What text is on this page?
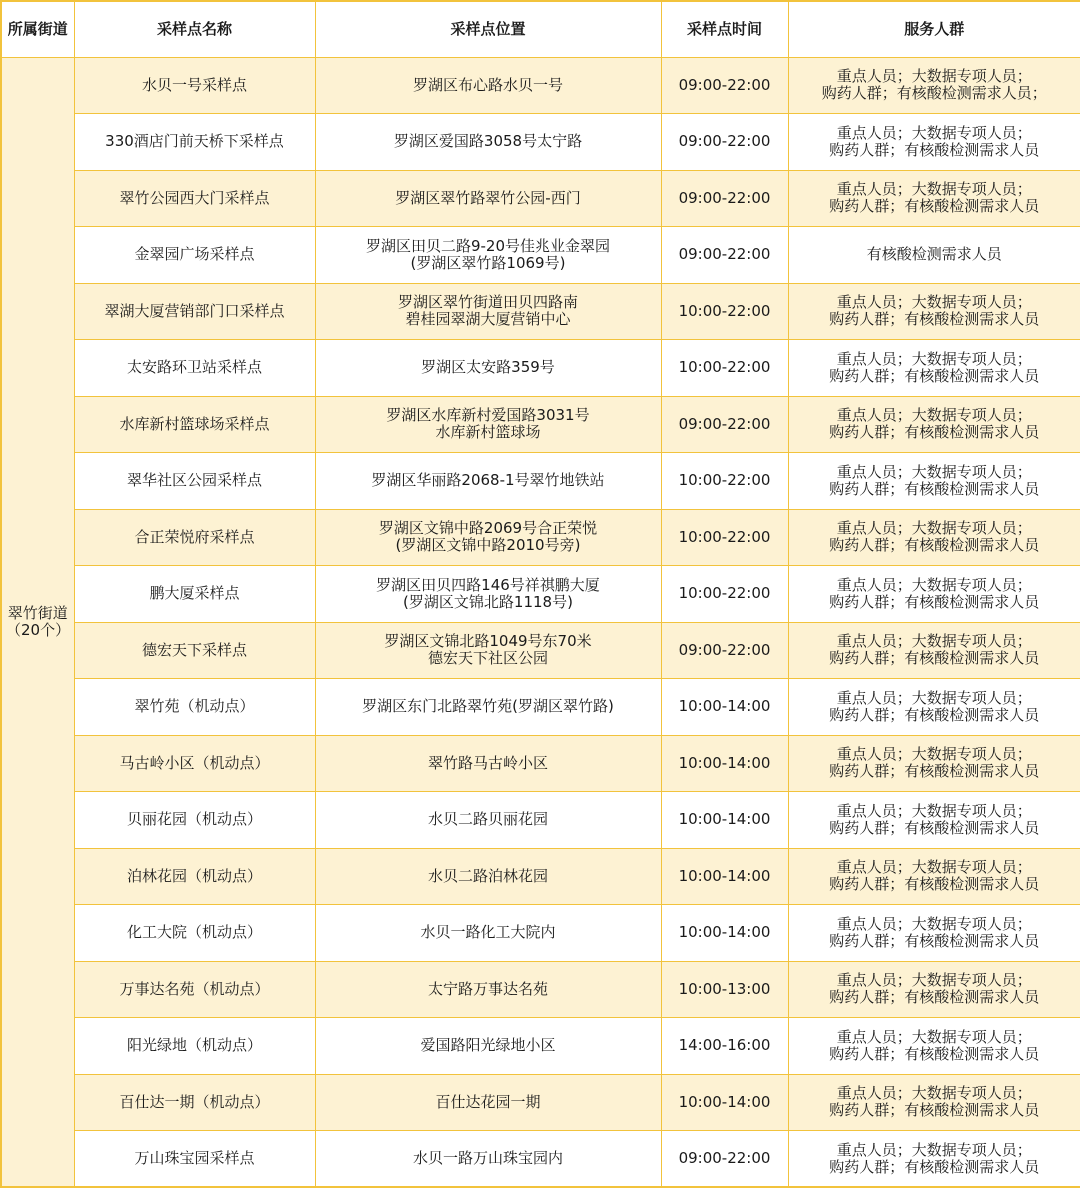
所属街道	采样点名称	采样点位置	采样点时间	服务人群

翠竹街道
（20个）	水贝一号采样点	罗湖区布心路水贝一号	09:00-22:00	重点人员；大数据专项人员；
购药人群；有核酸检测需求人员；

	330酒店门前天桥下采样点	罗湖区爱国路3058号太宁路	09:00-22:00	重点人员；大数据专项人员；
购药人群；有核酸检测需求人员

	翠竹公园西大门采样点	罗湖区翠竹路翠竹公园-西门	09:00-22:00	重点人员；大数据专项人员；
购药人群；有核酸检测需求人员

	金翠园广场采样点	罗湖区田贝二路9-20号佳兆业金翠园
(罗湖区翠竹路1069号)	09:00-22:00	有核酸检测需求人员

	翠湖大厦营销部门口采样点	罗湖区翠竹街道田贝四路南
碧桂园翠湖大厦营销中心	10:00-22:00	重点人员；大数据专项人员；
购药人群；有核酸检测需求人员

	太安路环卫站采样点	罗湖区太安路359号	10:00-22:00	重点人员；大数据专项人员；
购药人群；有核酸检测需求人员

	水库新村篮球场采样点	罗湖区水库新村爱国路3031号
水库新村篮球场	09:00-22:00	重点人员；大数据专项人员；
购药人群；有核酸检测需求人员

	翠华社区公园采样点	罗湖区华丽路2068-1号翠竹地铁站	10:00-22:00	重点人员；大数据专项人员；
购药人群；有核酸检测需求人员

	合正荣悦府采样点	罗湖区文锦中路2069号合正荣悦
(罗湖区文锦中路2010号旁)	10:00-22:00	重点人员；大数据专项人员；
购药人群；有核酸检测需求人员

	鹏大厦采样点	罗湖区田贝四路146号祥祺鹏大厦
(罗湖区文锦北路1118号)	10:00-22:00	重点人员；大数据专项人员；
购药人群；有核酸检测需求人员

	德宏天下采样点	罗湖区文锦北路1049号东70米
德宏天下社区公园	09:00-22:00	重点人员；大数据专项人员；
购药人群；有核酸检测需求人员

	翠竹苑（机动点）	罗湖区东门北路翠竹苑(罗湖区翠竹路)	10:00-14:00	重点人员；大数据专项人员；
购药人群；有核酸检测需求人员

	马古岭小区（机动点）	翠竹路马古岭小区	10:00-14:00	重点人员；大数据专项人员；
购药人群；有核酸检测需求人员

	贝丽花园（机动点）	水贝二路贝丽花园	10:00-14:00	重点人员；大数据专项人员；
购药人群；有核酸检测需求人员

	泊林花园（机动点）	水贝二路泊林花园	10:00-14:00	重点人员；大数据专项人员；
购药人群；有核酸检测需求人员

	化工大院（机动点）	水贝一路化工大院内	10:00-14:00	重点人员；大数据专项人员；
购药人群；有核酸检测需求人员

	万事达名苑（机动点）	太宁路万事达名苑	10:00-13:00	重点人员；大数据专项人员；
购药人群；有核酸检测需求人员

	阳光绿地（机动点）	爱国路阳光绿地小区	14:00-16:00	重点人员；大数据专项人员；
购药人群；有核酸检测需求人员

	百仕达一期（机动点）	百仕达花园一期	10:00-14:00	重点人员；大数据专项人员；
购药人群；有核酸检测需求人员

	万山珠宝园采样点	水贝一路万山珠宝园内	09:00-22:00	重点人员；大数据专项人员；
购药人群；有核酸检测需求人员
